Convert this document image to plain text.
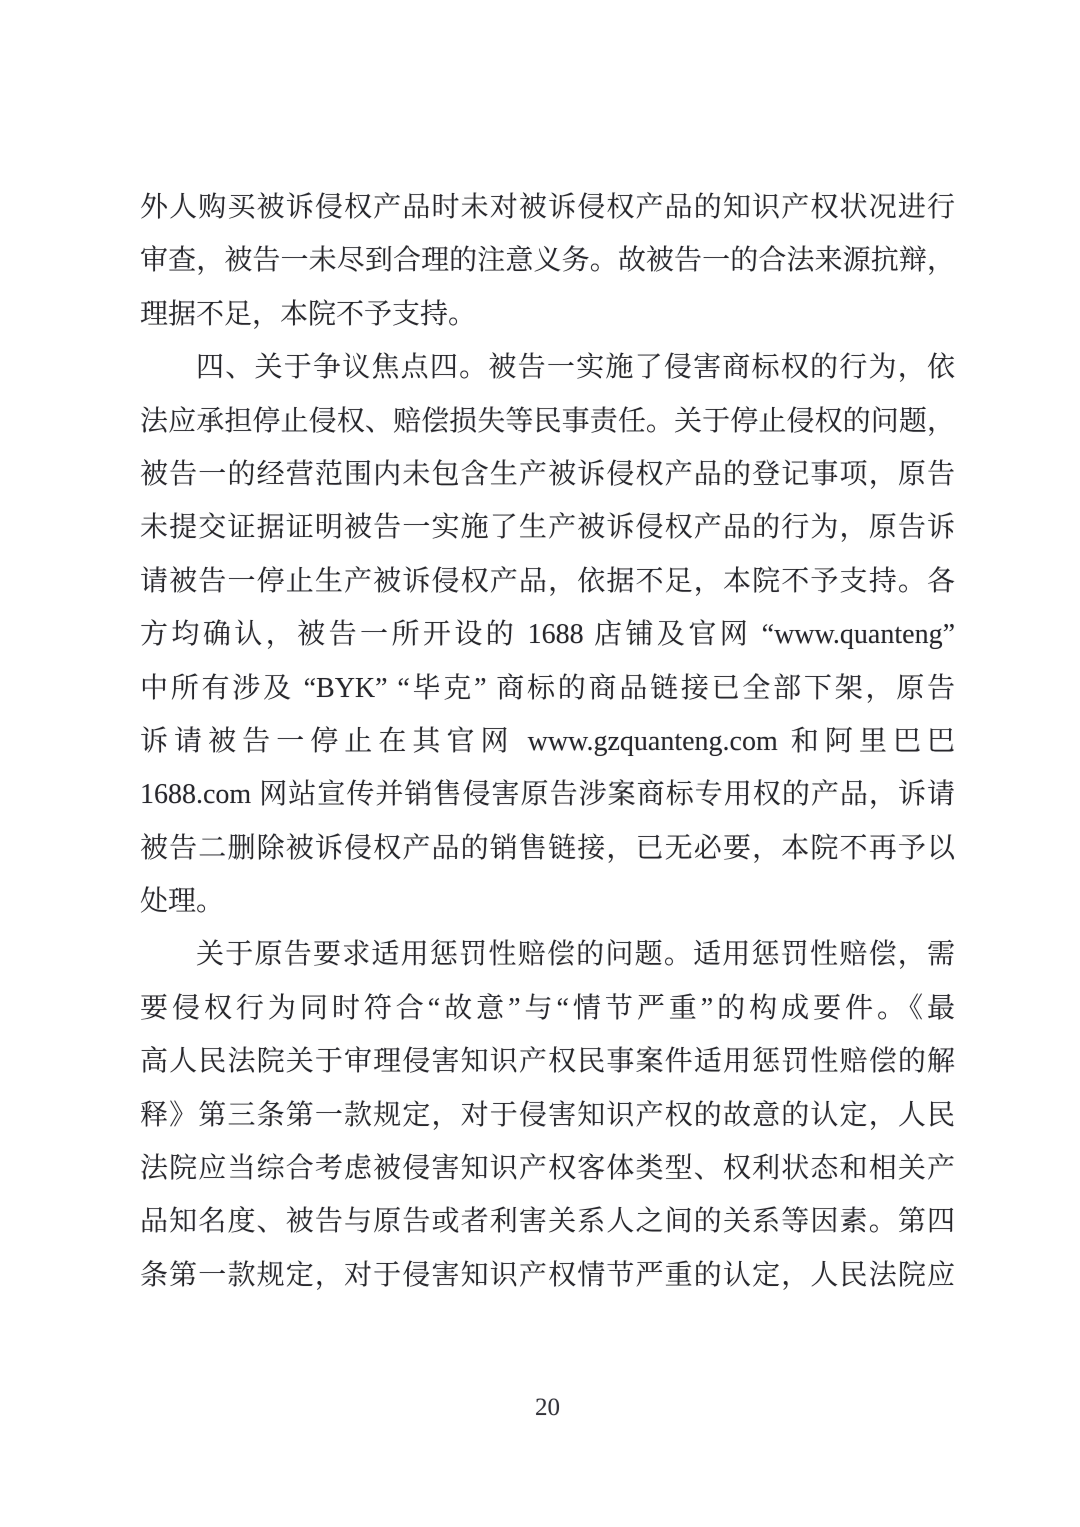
外人购买被诉侵权产品时未对被诉侵权产品的知识产权状况进行
审查，被告一未尽到合理的注意义务。故被告一的合法来源抗辩，
理据不足，本院不予支持。
四、关于争议焦点四。被告一实施了侵害商标权的行为，依
法应承担停止侵权、赔偿损失等民事责任。关于停止侵权的问题，
被告一的经营范围内未包含生产被诉侵权产品的登记事项，原告
未提交证据证明被告一实施了生产被诉侵权产品的行为，原告诉
请被告一停止生产被诉侵权产品，依据不足，本院不予支持。各
方均确认，被告一所开设的 1688 店铺及官网 “www.quanteng”
中所有涉及 “BYK” “毕克” 商标的商品链接已全部下架，原告
诉请被告一停止在其官网 www.gzquanteng.com 和阿里巴巴
1688.com 网站宣传并销售侵害原告涉案商标专用权的产品，诉请
被告二删除被诉侵权产品的销售链接，已无必要，本院不再予以
处理。
关于原告要求适用惩罚性赔偿的问题。适用惩罚性赔偿，需
要侵权行为同时符合“故意”与“情节严重”的构成要件。《最
高人民法院关于审理侵害知识产权民事案件适用惩罚性赔偿的解
释》第三条第一款规定，对于侵害知识产权的故意的认定，人民
法院应当综合考虑被侵害知识产权客体类型、权利状态和相关产
品知名度、被告与原告或者利害关系人之间的关系等因素。第四
条第一款规定，对于侵害知识产权情节严重的认定，人民法院应
20
